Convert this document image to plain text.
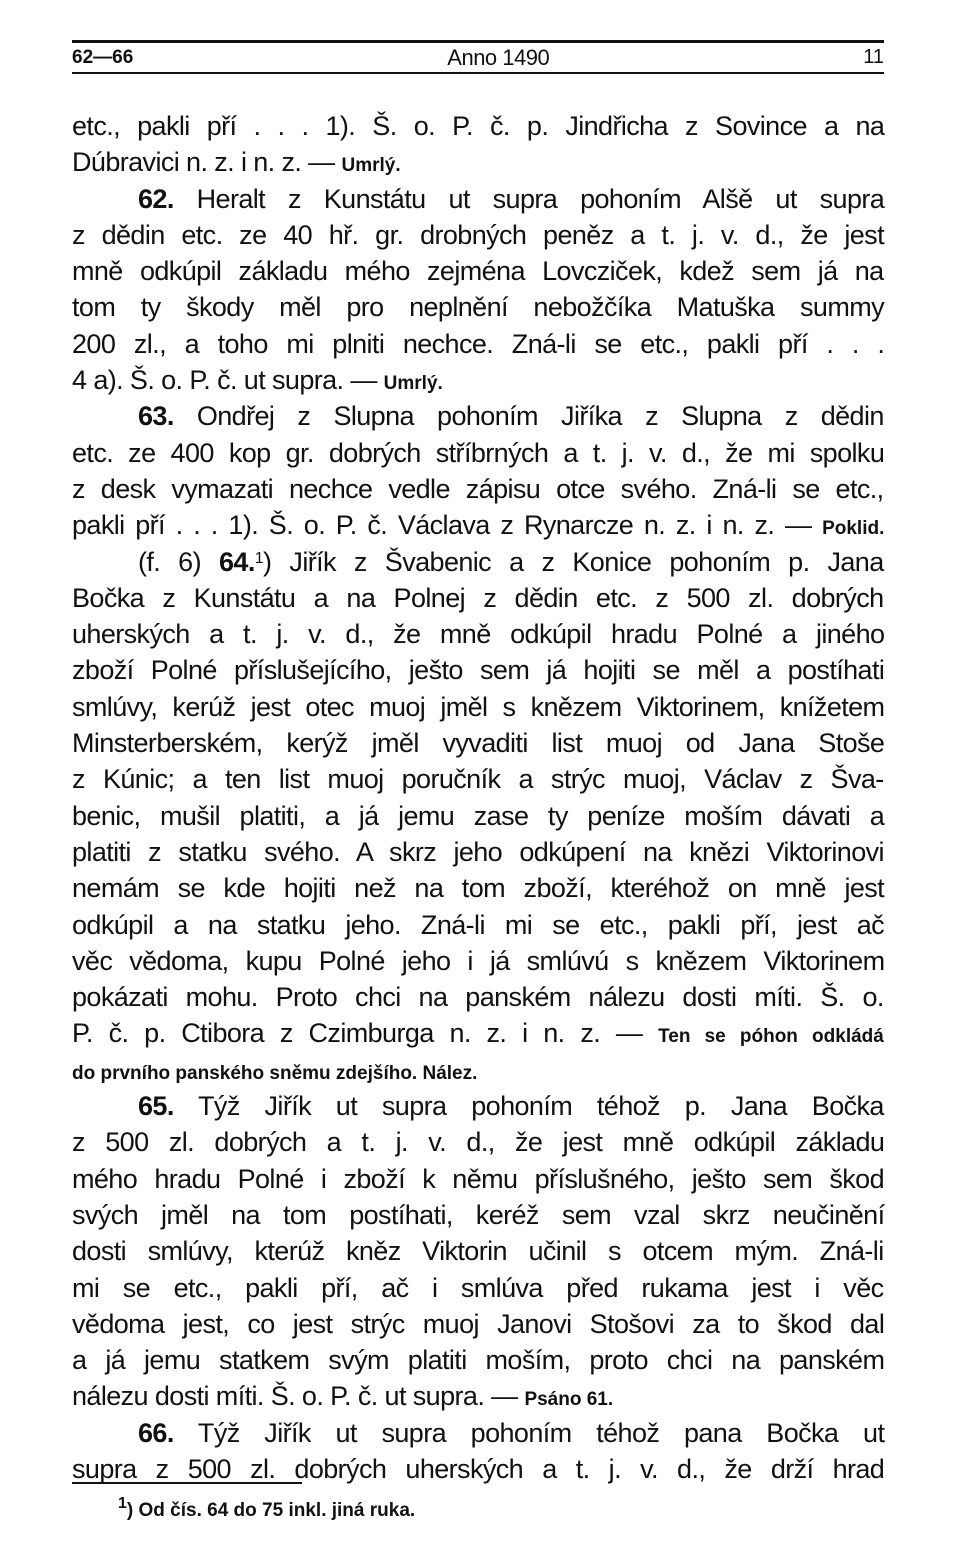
62—66	Anno 1490	11
etc., pakli pří . . . 1). Š. o. P. č. p. Jindřicha z Sovince a na
Dúbravici n. z. i n. z. — Umrlý.
62. Heralt z Kunstátu ut supra pohoním Alšě ut supra
z dědin etc. ze 40 hř. gr. drobných peněz a t. j. v. d., že jest
mně odkúpil základu mého zejména Lovcziček, kdež sem já na
tom ty škody měl pro neplnění nebožčíka Matuška summy
200 zl., a toho mi plniti nechce. Zná-li se etc., pakli pří . . .
4 a). Š. o. P. č. ut supra. — Umrlý.
63. Ondřej z Slupna pohoním Jiříka z Slupna z dědin
etc. ze 400 kop gr. dobrých stříbrných a t. j. v. d., že mi spolku
z desk vymazati nechce vedle zápisu otce svého. Zná-li se etc.,
pakli pří . . . 1). Š. o. P. č. Václava z Rynarcze n. z. i n. z. — Poklid.
(f. 6) 64.$^1$) Jiřík z Švabenic a z Konice pohoním p. Jana
Bočka z Kunstátu a na Polnej z dědin etc. z 500 zl. dobrých
uherských a t. j. v. d., že mně odkúpil hradu Polné a jiného
zboží Polné příslušejícího, ješto sem já hojiti se měl a postíhati
smlúvy, kerúž jest otec muoj jměl s knězem Viktorinem, knížetem
Minsterberském, kerýž jměl vyvaditi list muoj od Jana Stoše
z Kúnic; a ten list muoj poručník a strýc muoj, Václav z Šva-
benic, mušil platiti, a já jemu zase ty peníze moším dávati a
platiti z statku svého. A skrz jeho odkúpení na knězi Viktorinovi
nemám se kde hojiti než na tom zboží, kteréhož on mně jest
odkúpil a na statku jeho. Zná-li mi se etc., pakli pří, jest ač
věc vědoma, kupu Polné jeho i já smlúvú s knězem Viktorinem
pokázati mohu. Proto chci na panském nálezu dosti míti. Š. o.
P. č. p. Ctibora z Czimburga n. z. i n. z. — Ten se póhon odkládá
do prvního panského sněmu zdejšího. Nález.
65. Týž Jiřík ut supra pohoním téhož p. Jana Bočka
z 500 zl. dobrých a t. j. v. d., že jest mně odkúpil základu
mého hradu Polné i zboží k němu příslušného, ješto sem škod
svých jměl na tom postíhati, keréž sem vzal skrz neučinění
dosti smlúvy, kterúž kněz Viktorin učinil s otcem mým. Zná-li
mi se etc., pakli pří, ač i smlúva před rukama jest i věc
vědoma jest, co jest strýc muoj Janovi Stošovi za to škod dal
a já jemu statkem svým platiti moším, proto chci na panském
nálezu dosti míti. Š. o. P. č. ut supra. — Psáno 61.
66. Týž Jiřík ut supra pohoním téhož pana Bočka ut
supra z 500 zl. dobrých uherských a t. j. v. d., že drží hrad
$^1$) Od čís. 64 do 75 inkl. jiná ruka.
